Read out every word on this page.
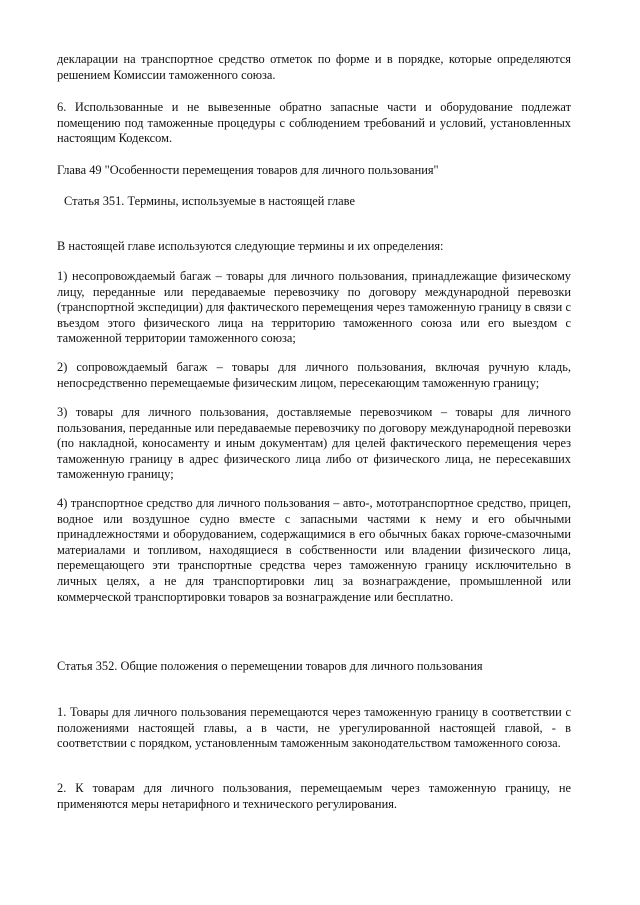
декларации на транспортное средство отметок по форме и в порядке, которые определяются решением Комиссии таможенного союза.

6. Использованные и не вывезенные обратно запасные части и оборудование подлежат помещению под таможенные процедуры с соблюдением требований и условий, установленных настоящим Кодексом.

Глава 49 "Особенности перемещения товаров для личного пользования"

Статья 351. Термины, используемые в настоящей главе

В настоящей главе используются следующие термины и их определения:

1) несопровождаемый багаж – товары для личного пользования, принадлежащие физическому лицу, переданные или передаваемые перевозчику по договору международной перевозки (транспортной экспедиции) для фактического перемещения через таможенную границу в связи с въездом этого физического лица на территорию таможенного союза или его выездом с таможенной территории таможенного союза;

2) сопровождаемый багаж – товары для личного пользования, включая ручную кладь, непосредственно перемещаемые физическим лицом, пересекающим таможенную границу;

3) товары для личного пользования, доставляемые перевозчиком – товары для личного пользования, переданные или передаваемые перевозчику по договору международной перевозки (по накладной, коносаменту и иным документам) для целей фактического перемещения через таможенную границу в адрес физического лица либо от физического лица, не пересекавших таможенную границу;

4) транспортное средство для личного пользования – авто-, мототранспортное средство, прицеп, водное или воздушное судно вместе с запасными частями к нему и его обычными принадлежностями и оборудованием, содержащимися в его обычных баках горюче-смазочными материалами и топливом, находящиеся в собственности или владении физического лица, перемещающего эти транспортные средства через таможенную границу исключительно в личных целях, а не для транспортировки лиц за вознаграждение, промышленной или коммерческой транспортировки товаров за вознаграждение или бесплатно.

Статья 352. Общие положения о перемещении товаров для личного пользования

1. Товары для личного пользования перемещаются через таможенную границу в соответствии с положениями настоящей главы, а в части, не урегулированной настоящей главой, - в соответствии с порядком, установленным таможенным законодательством таможенного союза.

2. К товарам для личного пользования, перемещаемым через таможенную границу, не применяются меры нетарифного и технического регулирования.
